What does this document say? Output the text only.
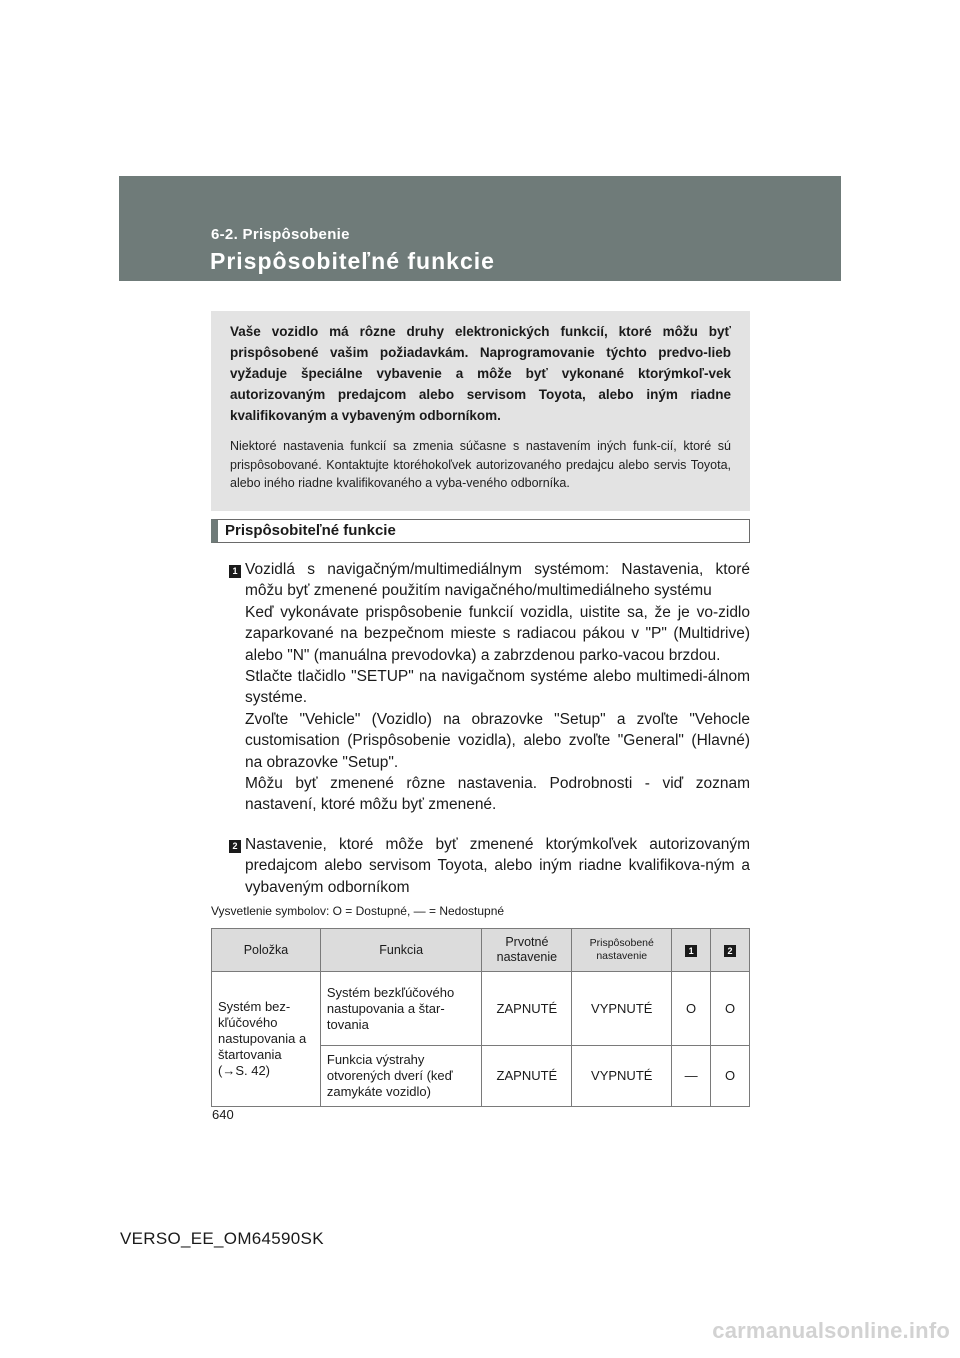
6-2. Prispôsobenie
Prispôsobiteľné funkcie

Vaše vozidlo má rôzne druhy elektronických funkcií, ktoré môžu byť prispôsobené vašim požiadavkám. Naprogramovanie týchto predvo-lieb vyžaduje špeciálne vybavenie a môže byť vykonané ktorýmkoľ-vek autorizovaným predajcom alebo servisom Toyota, alebo iným riadne kvalifikovaným a vybaveným odborníkom.

Niektoré nastavenia funkcií sa zmenia súčasne s nastavením iných funk-cií, ktoré sú prispôsobované. Kontaktujte ktoréhokoľvek autorizovaného predajcu alebo servis Toyota, alebo iného riadne kvalifikovaného a vyba-veného odborníka.

Prispôsobiteľné funkcie
1 Vozidlá s navigačným/multimediálnym systémom: Nastavenia, ktoré môžu byť zmenené použitím navigačného/multimediálneho systému

Keď vykonávate prispôsobenie funkcií vozidla, uistite sa, že je vo-zidlo zaparkované na bezpečnom mieste s radiacou pákou v "P" (Multidrive) alebo "N" (manuálna prevodovka) a zabrzdenou parko-vacou brzdou.

Stlačte tlačidlo "SETUP" na navigačnom systéme alebo multimedi-álnom systéme.

Zvoľte "Vehicle" (Vozidlo) na obrazovke "Setup" a zvoľte "Vehocle customisation (Prispôsobenie vozidla), alebo zvoľte "General" (Hlavné) na obrazovke "Setup".

Môžu byť zmenené rôzne nastavenia. Podrobnosti - viď zoznam nastavení, ktoré môžu byť zmenené.

2 Nastavenie, ktoré môže byť zmenené ktorýmkoľvek autorizovaným predajcom alebo servisom Toyota, alebo iným riadne kvalifikova-ným a vybaveným odborníkom

Vysvetlenie symbolov: O = Dostupné, — = Nedostupné
Položka	Funkcia	Prvotné nastavenie	Prispôsobené nastavenie	1	2
Systém bez-kľúčového nastupovania a štartovania (→S. 42)	Systém bezkľúčového nastupovania a štar-tovania	ZAPNUTÉ	VYPNUTÉ	O	O
	Funkcia výstrahy otvorených dverí (keď zamykáte vozidlo)	ZAPNUTÉ	VYPNUTÉ	—	O
640
VERSO_EE_OM64590SK
carmanualsonline.info
